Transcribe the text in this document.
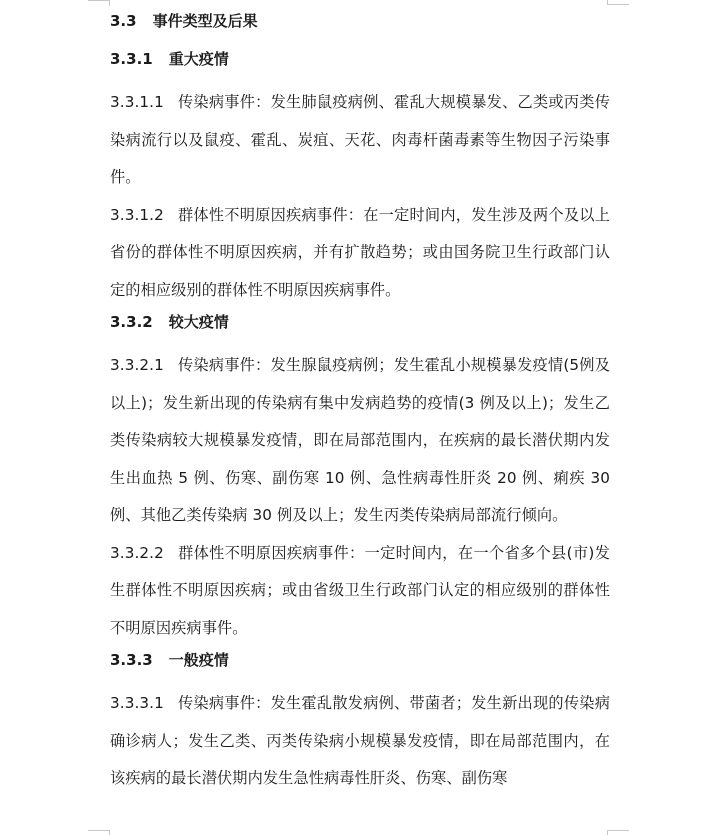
3.3 事件类型及后果
3.3.1 重大疫情

3.3.1.1 传染病事件：发生肺鼠疫病例、霍乱大规模暴发、乙类或丙类传染病流行以及鼠疫、霍乱、炭疽、天花、肉毒杆菌毒素等生物因子污染事件。

3.3.1.2 群体性不明原因疾病事件：在一定时间内，发生涉及两个及以上省份的群体性不明原因疾病，并有扩散趋势；或由国务院卫生行政部门认定的相应级别的群体性不明原因疾病事件。

3.3.2 较大疫情

3.3.2.1 传染病事件：发生腺鼠疫病例；发生霍乱小规模暴发疫情(5例及以上)；发生新出现的传染病有集中发病趋势的疫情(3 例及以上)；发生乙类传染病较大规模暴发疫情，即在局部范围内，在疾病的最长潜伏期内发生出血热 5 例、伤寒、副伤寒 10 例、急性病毒性肝炎 20 例、痢疾 30 例、其他乙类传染病 30 例及以上；发生丙类传染病局部流行倾向。

3.3.2.2 群体性不明原因疾病事件：一定时间内，在一个省多个县(市)发生群体性不明原因疾病；或由省级卫生行政部门认定的相应级别的群体性不明原因疾病事件。

3.3.3 一般疫情

3.3.3.1 传染病事件：发生霍乱散发病例、带菌者；发生新出现的传染病确诊病人；发生乙类、丙类传染病小规模暴发疫情，即在局部范围内，在该疾病的最长潜伏期内发生急性病毒性肝炎、伤寒、副伤寒
